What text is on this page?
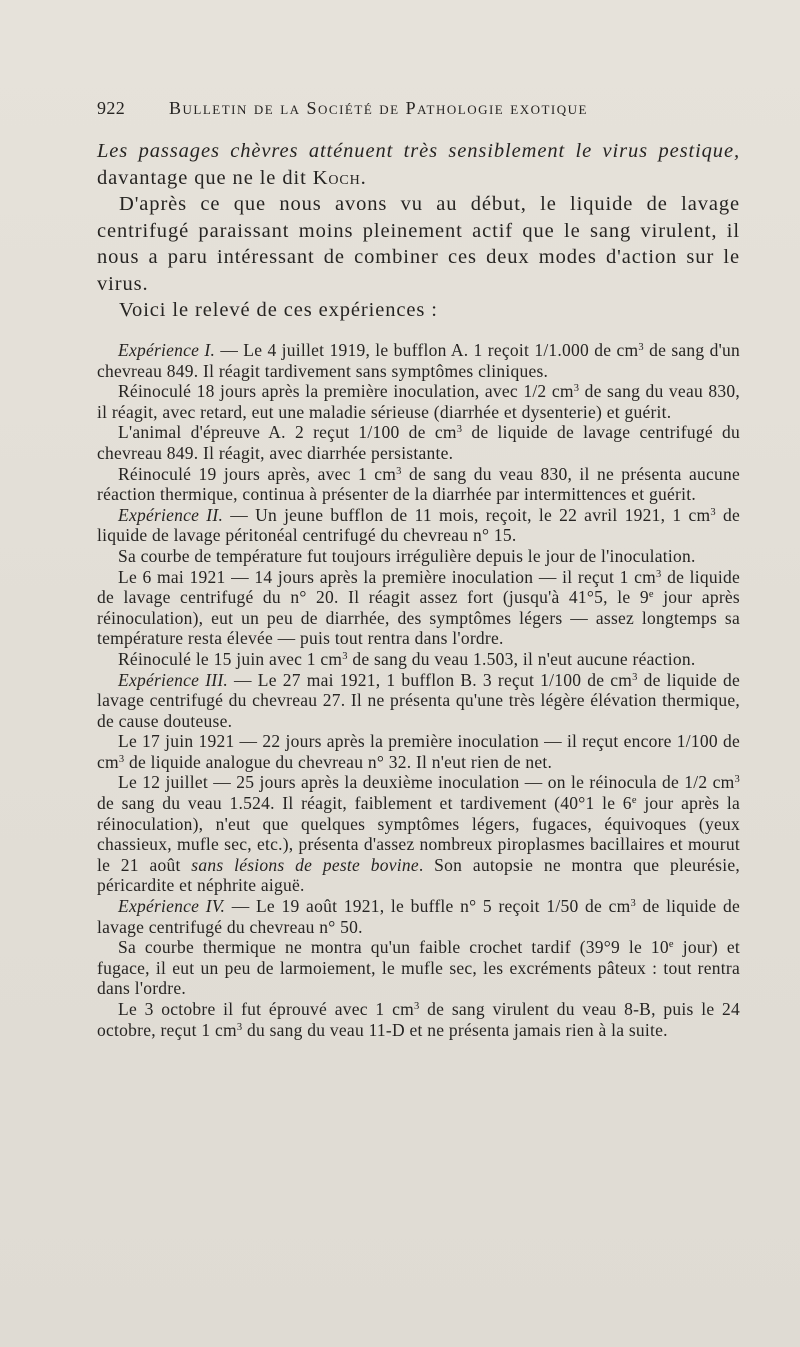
922 Bulletin de la Société de Pathologie exotique

Les passages chèvres atténuent très sensiblement le virus pestique, davantage que ne le dit Koch.

D'après ce que nous avons vu au début, le liquide de lavage centrifugé paraissant moins pleinement actif que le sang virulent, il nous a paru intéressant de combiner ces deux modes d'action sur le virus.

Voici le relevé de ces expériences :

Expérience I. — Le 4 juillet 1919, le bufflon A. 1 reçoit 1/1.000 de $cm^3$ de sang d'un chevreau 849. Il réagit tardivement sans symptômes cliniques.

Réinoculé 18 jours après la première inoculation, avec 1/2 $cm^3$ de sang du veau 830, il réagit, avec retard, eut une maladie sérieuse (diarrhée et dysenterie) et guérit.

L'animal d'épreuve A. 2 reçut 1/100 de $cm^3$ de liquide de lavage centrifugé du chevreau 849. Il réagit, avec diarrhée persistante.

Réinoculé 19 jours après, avec 1 $cm^3$ de sang du veau 830, il ne présenta aucune réaction thermique, continua à présenter de la diarrhée par intermittences et guérit.

Expérience II. — Un jeune bufflon de 11 mois, reçoit, le 22 avril 1921, 1 $cm^3$ de liquide de lavage péritonéal centrifugé du chevreau n° 15.

Sa courbe de température fut toujours irrégulière depuis le jour de l'inoculation.

Le 6 mai 1921 — 14 jours après la première inoculation — il reçut 1 $cm^3$ de liquide de lavage centrifugé du n° 20. Il réagit assez fort (jusqu'à 41°5, le 9e jour après réinoculation), eut un peu de diarrhée, des symptômes légers — assez longtemps sa température resta élevée — puis tout rentra dans l'ordre.

Réinoculé le 15 juin avec 1 $cm^3$ de sang du veau 1.503, il n'eut aucune réaction.

Expérience III. — Le 27 mai 1921, 1 bufflon B. 3 reçut 1/100 de $cm^3$ de liquide de lavage centrifugé du chevreau 27. Il ne présenta qu'une très légère élévation thermique, de cause douteuse.

Le 17 juin 1921 — 22 jours après la première inoculation — il reçut encore 1/100 de $cm^3$ de liquide analogue du chevreau n° 32. Il n'eut rien de net.

Le 12 juillet — 25 jours après la deuxième inoculation — on le réinocula de 1/2 $cm^3$ de sang du veau 1.524. Il réagit, faiblement et tardivement (40°1 le 6e jour après la réinoculation), n'eut que quelques symptômes légers, fugaces, équivoques (yeux chassieux, mufle sec, etc.), présenta d'assez nombreux piroplasmes bacillaires et mourut le 21 août sans lésions de peste bovine. Son autopsie ne montra que pleurésie, péricardite et néphrite aiguë.

Expérience IV. — Le 19 août 1921, le buffle n° 5 reçoit 1/50 de $cm^3$ de liquide de lavage centrifugé du chevreau n° 50.

Sa courbe thermique ne montra qu'un faible crochet tardif (39°9 le 10e jour) et fugace, il eut un peu de larmoiement, le mufle sec, les excréments pâteux : tout rentra dans l'ordre.

Le 3 octobre il fut éprouvé avec 1 $cm^3$ de sang virulent du veau 8-B, puis le 24 octobre, reçut 1 $cm^3$ du sang du veau 11-D et ne présenta jamais rien à la suite.
